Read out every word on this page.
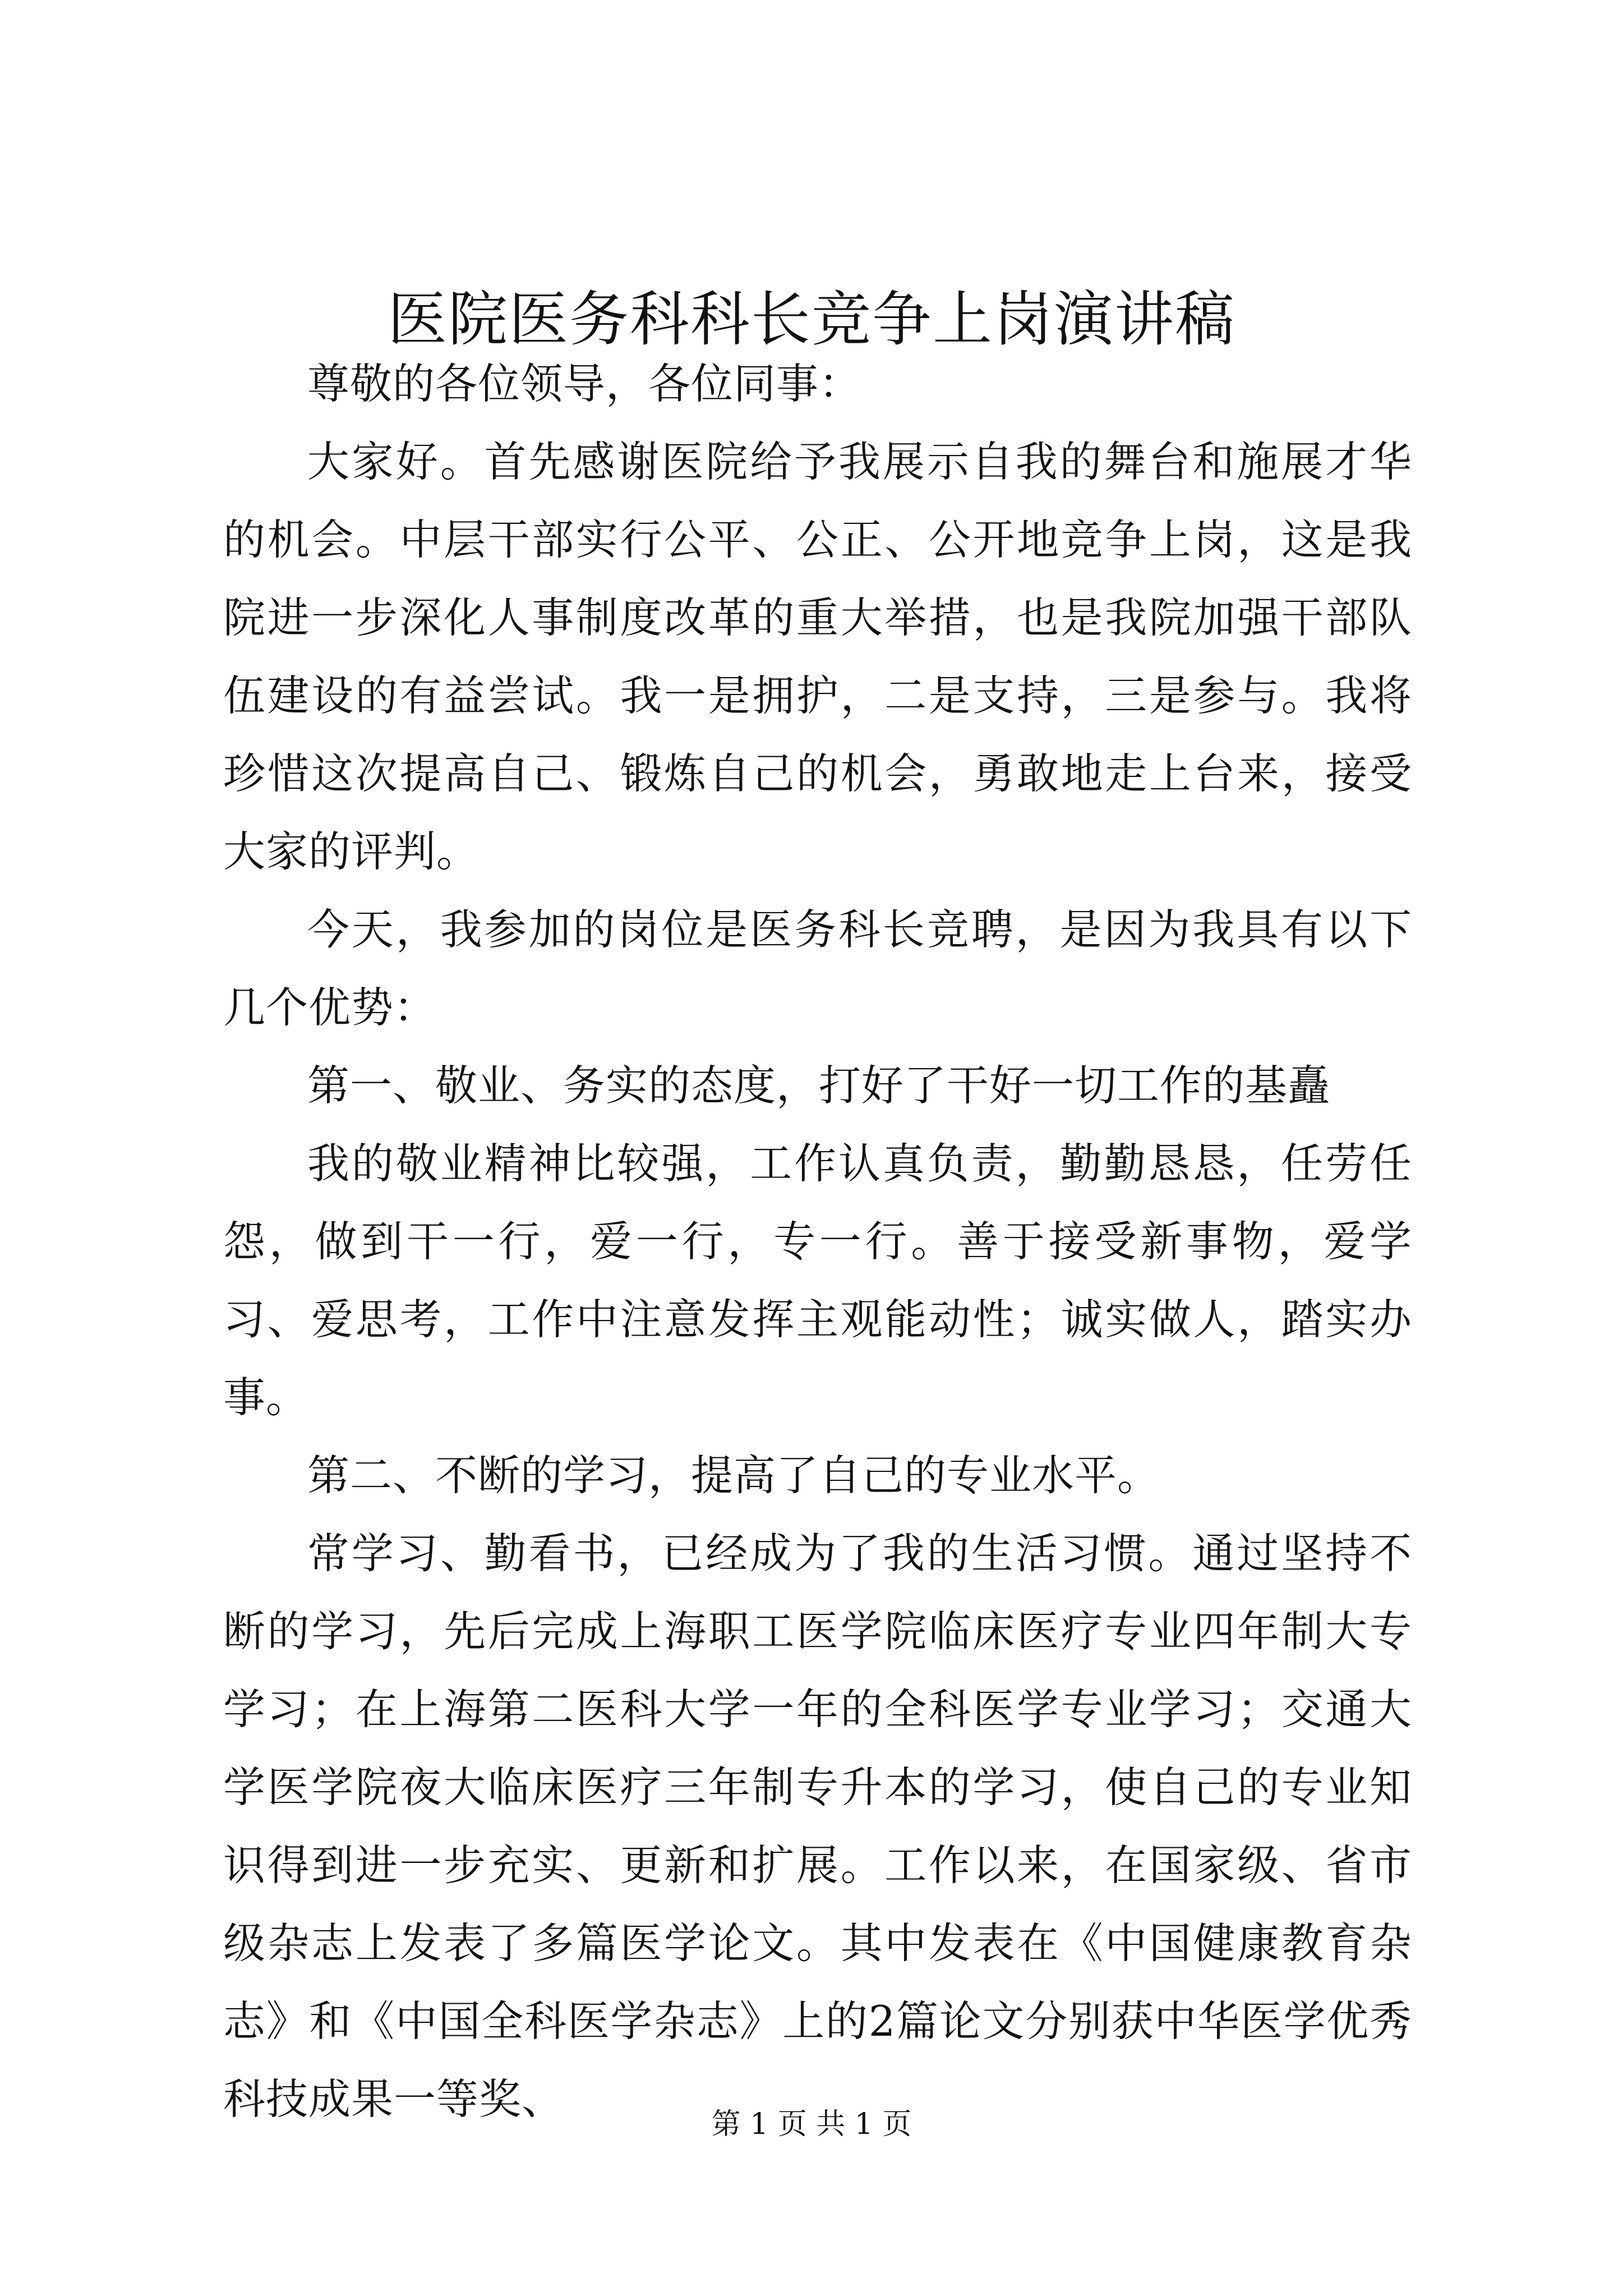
医院医务科科长竞争上岗演讲稿

尊敬的各位领导，各位同事：

大家好。首先感谢医院给予我展示自我的舞台和施展才华的机会。中层干部实行公平、公正、公开地竞争上岗，这是我院进一步深化人事制度改革的重大举措，也是我院加强干部队伍建设的有益尝试。我一是拥护，二是支持，三是参与。我将珍惜这次提高自己、锻炼自己的机会，勇敢地走上台来，接受大家的评判。

今天，我参加的岗位是医务科长竞聘，是因为我具有以下几个优势：

第一、敬业、务实的态度，打好了干好一切工作的基矗

我的敬业精神比较强，工作认真负责，勤勤恳恳，任劳任怨，做到干一行，爱一行，专一行。善于接受新事物，爱学习、爱思考，工作中注意发挥主观能动性；诚实做人，踏实办事。

第二、不断的学习，提高了自己的专业水平。

常学习、勤看书，已经成为了我的生活习惯。通过坚持不断的学习，先后完成上海职工医学院临床医疗专业四年制大专学习；在上海第二医科大学一年的全科医学专业学习；交通大学医学院夜大临床医疗三年制专升本的学习，使自己的专业知识得到进一步充实、更新和扩展。工作以来，在国家级、省市级杂志上发表了多篇医学论文。其中发表在《中国健康教育杂志》和《中国全科医学杂志》上的2篇论文分别获中华医学优秀科技成果一等奖、

第 1 页 共 1 页
